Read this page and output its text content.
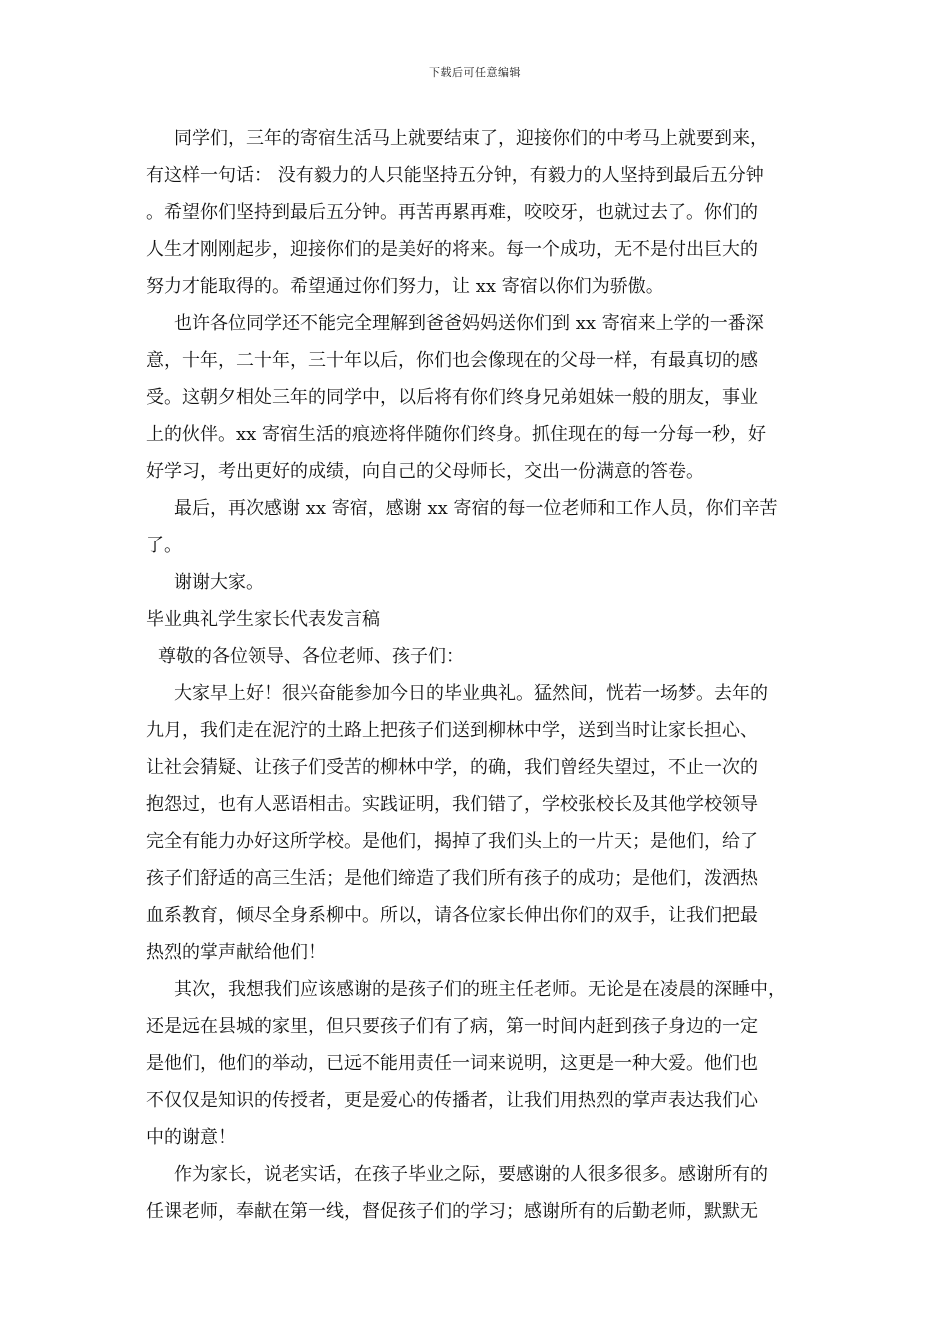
下载后可任意编辑
同学们，三年的寄宿生活马上就要结束了，迎接你们的中考马上就要到来，
有这样一句话： 没有毅力的人只能坚持五分钟，有毅力的人坚持到最后五分钟
。希望你们坚持到最后五分钟。再苦再累再难，咬咬牙，也就过去了。你们的
人生才刚刚起步，迎接你们的是美好的将来。每一个成功，无不是付出巨大的
努力才能取得的。希望通过你们努力，让 xx 寄宿以你们为骄傲。
也许各位同学还不能完全理解到爸爸妈妈送你们到 xx 寄宿来上学的一番深
意，十年，二十年，三十年以后，你们也会像现在的父母一样，有最真切的感
受。这朝夕相处三年的同学中，以后将有你们终身兄弟姐妹一般的朋友，事业
上的伙伴。xx 寄宿生活的痕迹将伴随你们终身。抓住现在的每一分每一秒，好
好学习，考出更好的成绩，向自己的父母师长，交出一份满意的答卷。
最后，再次感谢 xx 寄宿，感谢 xx 寄宿的每一位老师和工作人员，你们辛苦
了。
谢谢大家。
毕业典礼学生家长代表发言稿
尊敬的各位领导、各位老师、孩子们：
大家早上好！很兴奋能参加今日的毕业典礼。猛然间，恍若一场梦。去年的
九月，我们走在泥泞的土路上把孩子们送到柳林中学，送到当时让家长担心、
让社会猜疑、让孩子们受苦的柳林中学，的确，我们曾经失望过，不止一次的
抱怨过，也有人恶语相击。实践证明，我们错了，学校张校长及其他学校领导
完全有能力办好这所学校。是他们，揭掉了我们头上的一片天；是他们，给了
孩子们舒适的高三生活；是他们缔造了我们所有孩子的成功；是他们，泼洒热
血系教育，倾尽全身系柳中。所以，请各位家长伸出你们的双手，让我们把最
热烈的掌声献给他们！
其次，我想我们应该感谢的是孩子们的班主任老师。无论是在凌晨的深睡中，
还是远在县城的家里，但只要孩子们有了病，第一时间内赶到孩子身边的一定
是他们，他们的举动，已远不能用责任一词来说明，这更是一种大爱。他们也
不仅仅是知识的传授者，更是爱心的传播者，让我们用热烈的掌声表达我们心
中的谢意！
作为家长，说老实话，在孩子毕业之际，要感谢的人很多很多。感谢所有的
任课老师，奉献在第一线，督促孩子们的学习；感谢所有的后勤老师，默默无
